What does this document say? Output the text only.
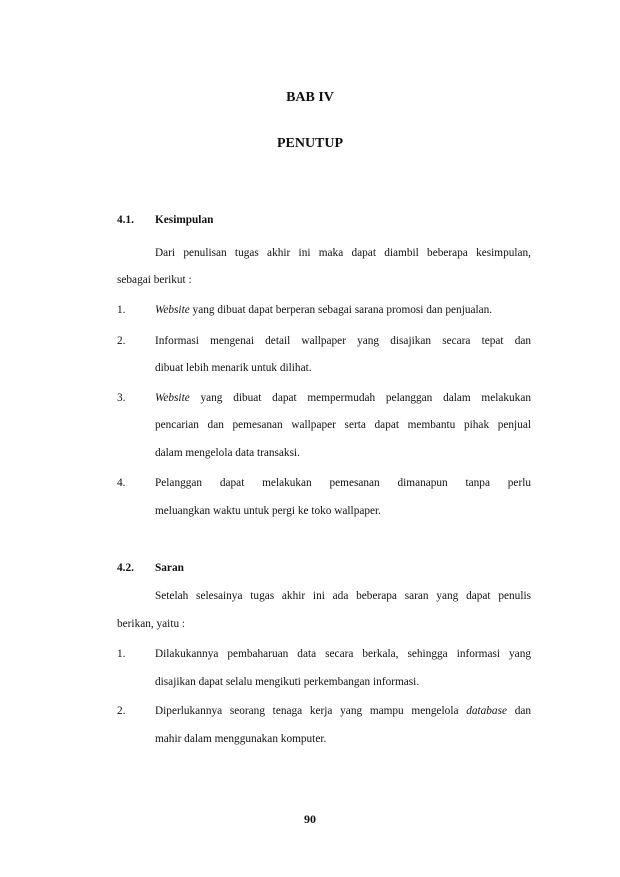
BAB IV
PENUTUP
4.1. Kesimpulan
Dari penulisan tugas akhir ini maka dapat diambil beberapa kesimpulan,
sebagai berikut :
1.	Website yang dibuat dapat berperan sebagai sarana promosi dan penjualan.
2.	Informasi mengenai detail wallpaper yang disajikan secara tepat dan
dibuat lebih menarik untuk dilihat.
3.	Website yang dibuat dapat mempermudah pelanggan dalam melakukan
pencarian dan pemesanan wallpaper serta dapat membantu pihak penjual
dalam mengelola data transaksi.
4.	Pelanggan dapat melakukan pemesanan dimanapun tanpa perlu
meluangkan waktu untuk pergi ke toko wallpaper.
4.2. Saran
Setelah selesainya tugas akhir ini ada beberapa saran yang dapat penulis
berikan, yaitu :
1.	Dilakukannya pembaharuan data secara berkala, sehingga informasi yang
disajikan dapat selalu mengikuti perkembangan informasi.
2.	Diperlukannya seorang tenaga kerja yang mampu mengelola database dan
mahir dalam menggunakan komputer.
90
